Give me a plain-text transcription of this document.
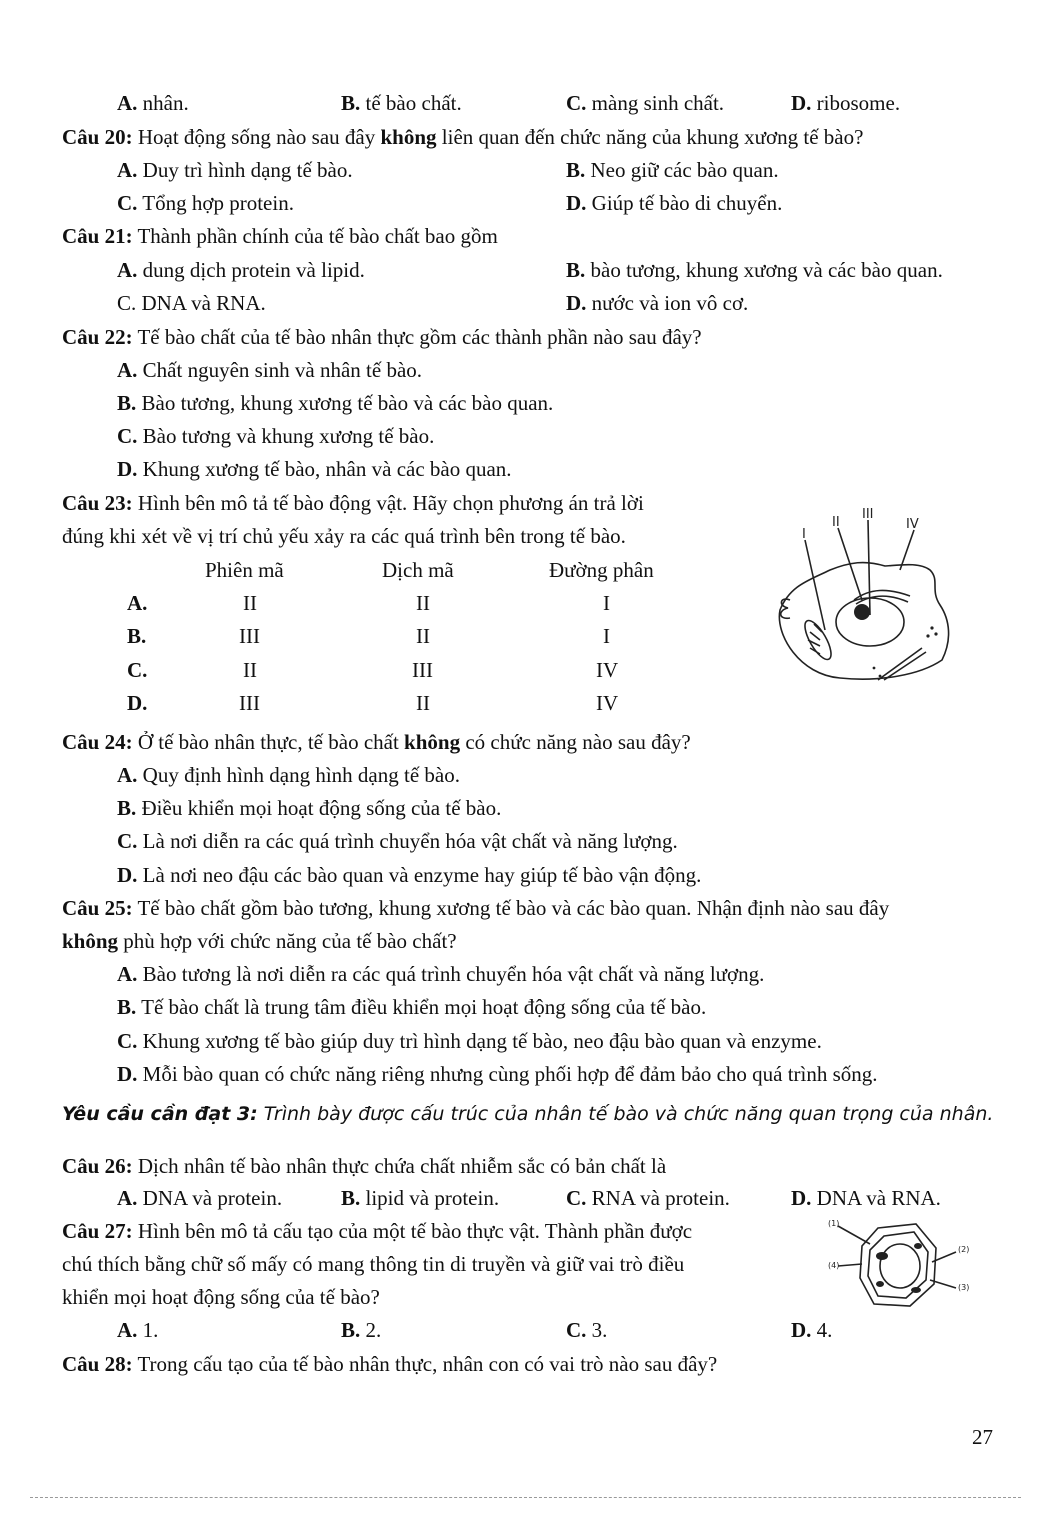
A. nhân.	B. tế bào chất.	C. màng sinh chất.	D. ribosome.
Câu 20: Hoạt động sống nào sau đây không liên quan đến chức năng của khung xương tế bào?
A. Duy trì hình dạng tế bào.	B. Neo giữ các bào quan.
C. Tổng hợp protein.	D. Giúp tế bào di chuyển.
Câu 21: Thành phần chính của tế bào chất bao gồm
A. dung dịch protein và lipid.	B. bào tương, khung xương và các bào quan.
C. DNA và RNA.	D. nước và ion vô cơ.
Câu 22: Tế bào chất của tế bào nhân thực gồm các thành phần nào sau đây?
A. Chất nguyên sinh và nhân tế bào.
B. Bào tương, khung xương tế bào và các bào quan.
C. Bào tương và khung xương tế bào.
D. Khung xương tế bào, nhân và các bào quan.
Câu 23: Hình bên mô tả tế bào động vật. Hãy chọn phương án trả lời
đúng khi xét về vị trí chủ yếu xảy ra các quá trình bên trong tế bào.
Phiên mã	Dịch mã	Đường phân
A.	II	II	I
B.	III	II	I
C.	II	III	IV
D.	III	II	IV
I
II
III
IV
Câu 24: Ở tế bào nhân thực, tế bào chất không có chức năng nào sau đây?
A. Quy định hình dạng hình dạng tế bào.
B. Điều khiển mọi hoạt động sống của tế bào.
C. Là nơi diễn ra các quá trình chuyển hóa vật chất và năng lượng.
D. Là nơi neo đậu các bào quan và enzyme hay giúp tế bào vận động.
Câu 25: Tế bào chất gồm bào tương, khung xương tế bào và các bào quan. Nhận định nào sau đây
không phù hợp với chức năng của tế bào chất?
A. Bào tương là nơi diễn ra các quá trình chuyển hóa vật chất và năng lượng.
B. Tế bào chất là trung tâm điều khiển mọi hoạt động sống của tế bào.
C. Khung xương tế bào giúp duy trì hình dạng tế bào, neo đậu bào quan và enzyme.
D. Mỗi bào quan có chức năng riêng nhưng cùng phối hợp để đảm bảo cho quá trình sống.
Yêu cầu cần đạt 3: Trình bày được cấu trúc của nhân tế bào và chức năng quan trọng của nhân.
Câu 26: Dịch nhân tế bào nhân thực chứa chất nhiễm sắc có bản chất là
A. DNA và protein.	B. lipid và protein.	C. RNA và protein.	D. DNA và RNA.
Câu 27: Hình bên mô tả cấu tạo của một tế bào thực vật. Thành phần được
chú thích bằng chữ số mấy có mang thông tin di truyền và giữ vai trò điều
khiển mọi hoạt động sống của tế bào?
(1)
(2)
(3)
(4)
A. 1.	B. 2.	C. 3.	D. 4.
Câu 28: Trong cấu tạo của tế bào nhân thực, nhân con có vai trò nào sau đây?
27
